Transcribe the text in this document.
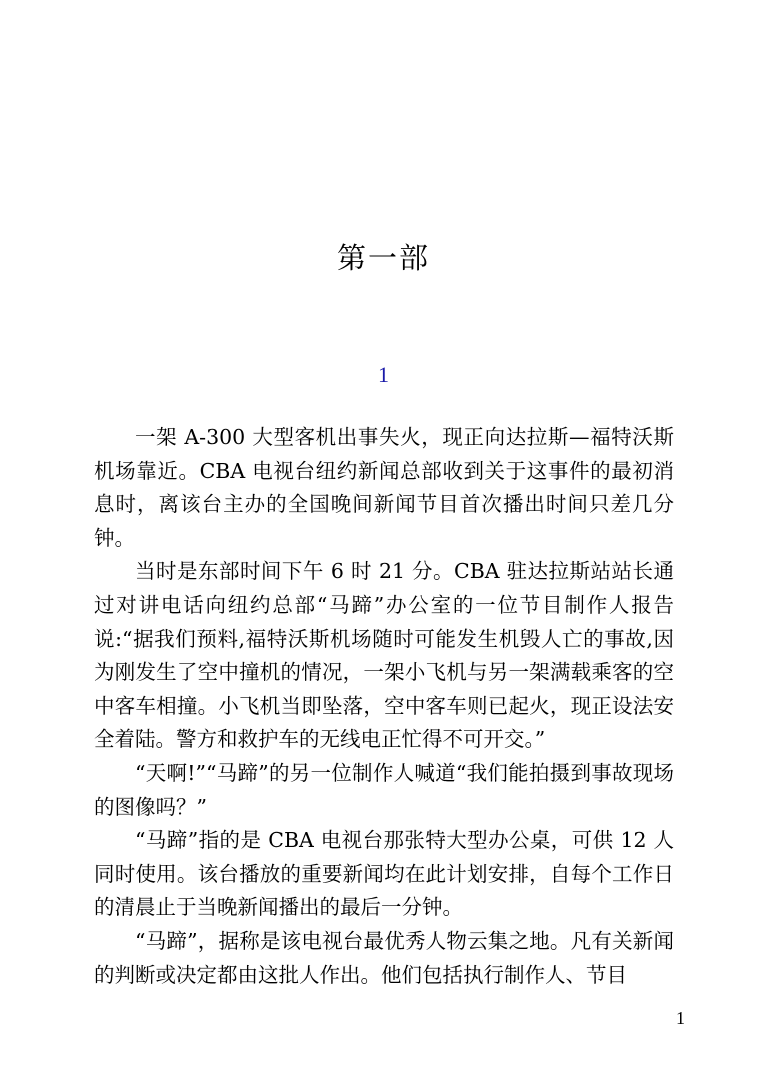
第一部
1

一架 A-300 大型客机出事失火，现正向达拉斯—福特沃斯机场靠近。CBA 电视台纽约新闻总部收到关于这事件的最初消息时，离该台主办的全国晚间新闻节目首次播出时间只差几分钟。

当时是东部时间下午 6 时 21 分。CBA 驻达拉斯站站长通过对讲电话向纽约总部“马蹄”办公室的一位节目制作人报告说:“据我们预料,福特沃斯机场随时可能发生机毁人亡的事故,因为刚发生了空中撞机的情况，一架小飞机与另一架满载乘客的空中客车相撞。小飞机当即坠落，空中客车则已起火，现正设法安全着陆。警方和救护车的无线电正忙得不可开交。”

“天啊!”“马蹄”的另一位制作人喊道“我们能拍摄到事故现场的图像吗？”

“马蹄”指的是 CBA 电视台那张特大型办公桌，可供 12 人同时使用。该台播放的重要新闻均在此计划安排，自每个工作日的清晨止于当晚新闻播出的最后一分钟。

“马蹄”，据称是该电视台最优秀人物云集之地。凡有关新闻的判断或决定都由这批人作出。他们包括执行制作人、节目

1
